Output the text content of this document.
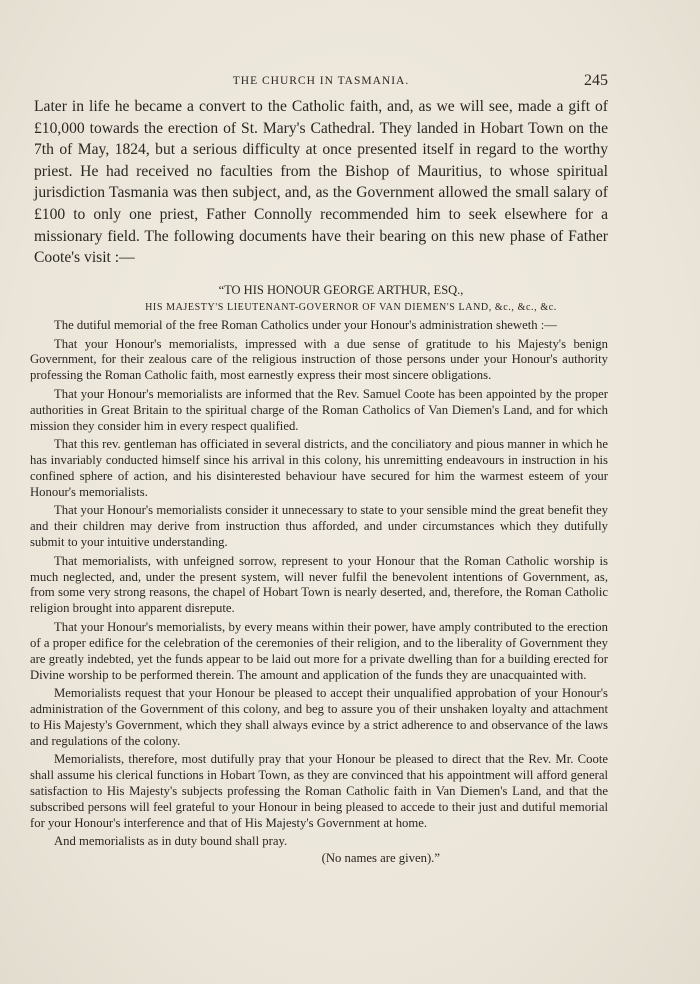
THE CHURCH IN TASMANIA.	245

Later in life he became a convert to the Catholic faith, and, as we will see, made a gift of £10,000 towards the erection of St. Mary's Cathedral. They landed in Hobart Town on the 7th of May, 1824, but a serious difficulty at once presented itself in regard to the worthy priest. He had received no faculties from the Bishop of Mauritius, to whose spiritual jurisdiction Tasmania was then subject, and, as the Government allowed the small salary of £100 to only one priest, Father Connolly recommended him to seek elsewhere for a missionary field. The following documents have their bearing on this new phase of Father Coote's visit :—

“TO HIS HONOUR GEORGE ARTHUR, ESQ.,
HIS MAJESTY'S LIEUTENANT-GOVERNOR OF VAN DIEMEN'S LAND, &c., &c., &c.

The dutiful memorial of the free Roman Catholics under your Honour's administration sheweth :—

That your Honour's memorialists, impressed with a due sense of gratitude to his Majesty's benign Government, for their zealous care of the religious instruction of those persons under your Honour's authority professing the Roman Catholic faith, most earnestly express their most sincere obligations.

That your Honour's memorialists are informed that the Rev. Samuel Coote has been appointed by the proper authorities in Great Britain to the spiritual charge of the Roman Catholics of Van Diemen's Land, and for which mission they consider him in every respect qualified.

That this rev. gentleman has officiated in several districts, and the conciliatory and pious manner in which he has invariably conducted himself since his arrival in this colony, his unremitting endeavours in instruction in his confined sphere of action, and his disinterested behaviour have secured for him the warmest esteem of your Honour's memorialists.

That your Honour's memorialists consider it unnecessary to state to your sensible mind the great benefit they and their children may derive from instruction thus afforded, and under circumstances which they dutifully submit to your intuitive understanding.

That memorialists, with unfeigned sorrow, represent to your Honour that the Roman Catholic worship is much neglected, and, under the present system, will never fulfil the benevolent intentions of Government, as, from some very strong reasons, the chapel of Hobart Town is nearly deserted, and, therefore, the Roman Catholic religion brought into apparent disrepute.

That your Honour's memorialists, by every means within their power, have amply contributed to the erection of a proper edifice for the celebration of the ceremonies of their religion, and to the liberality of Government they are greatly indebted, yet the funds appear to be laid out more for a private dwelling than for a building erected for Divine worship to be performed therein. The amount and application of the funds they are unacquainted with.

Memorialists request that your Honour be pleased to accept their unqualified approbation of your Honour's administration of the Government of this colony, and beg to assure you of their unshaken loyalty and attachment to His Majesty's Government, which they shall always evince by a strict adherence to and observance of the laws and regulations of the colony.

Memorialists, therefore, most dutifully pray that your Honour be pleased to direct that the Rev. Mr. Coote shall assume his clerical functions in Hobart Town, as they are convinced that his appointment will afford general satisfaction to His Majesty's subjects professing the Roman Catholic faith in Van Diemen's Land, and that the subscribed persons will feel grateful to your Honour in being pleased to accede to their just and dutiful memorial for your Honour's interference and that of His Majesty's Government at home.

And memorialists as in duty bound shall pray.

(No names are given).”
